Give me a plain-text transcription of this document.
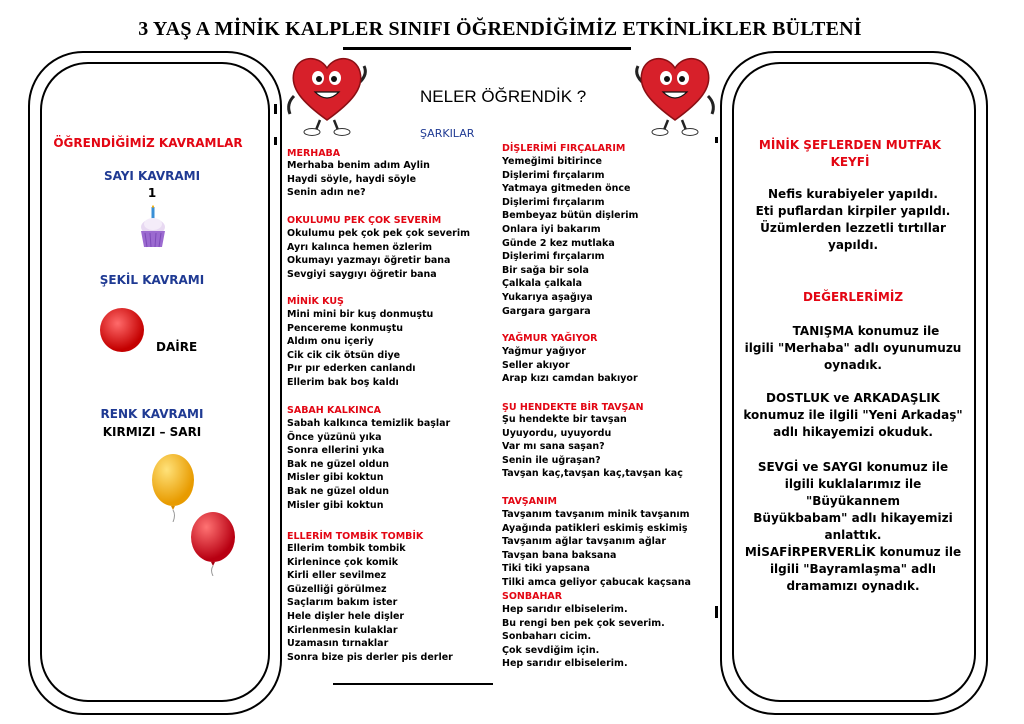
3 YAŞ A MİNİK KALPLER SINIFI ÖĞRENDİĞİMİZ ETKİNLİKLER BÜLTENİ
ÖĞRENDİĞİMİZ KAVRAMLAR
SAYI KAVRAMI
1
ŞEKİL KAVRAMI
DAİRE
RENK KAVRAMI
KIRMIZI – SARI
NELER ÖĞRENDİK ?
ŞARKILAR
MERHABA
Merhaba benim adım Aylin
Haydi söyle, haydi söyle
Senin adın ne?
OKULUMU PEK ÇOK SEVERİM
Okulumu pek çok pek çok severim
Ayrı kalınca hemen özlerim
Okumayı yazmayı öğretir bana
Sevgiyi saygıyı öğretir bana
MİNİK KUŞ
Mini mini bir kuş donmuştu
Pencereme konmuştu
Aldım onu içeriy
Cik cik cik ötsün diye
Pır pır ederken canlandı
Ellerim bak boş kaldı
SABAH KALKINCA
Sabah kalkınca temizlik başlar
Önce yüzünü yıka
Sonra ellerini yıka
Bak ne güzel oldun
Misler gibi koktun
Bak ne güzel oldun
Misler gibi koktun
ELLERİM TOMBİK TOMBİK
Ellerim tombik tombik
Kirlenince çok komik
Kirli eller sevilmez
Güzelliği görülmez
Saçlarım bakım ister
Hele dişler hele dişler
Kirlenmesin kulaklar
Uzamasın tırnaklar
Sonra bize pis derler pis derler
DİŞLERİMİ FIRÇALARIM
Yemeğimi bitirince
Dişlerimi fırçalarım
Yatmaya gitmeden önce
Dişlerimi fırçalarım
Bembeyaz bütün dişlerim
Onlara iyi bakarım
Günde 2 kez mutlaka
Dişlerimi fırçalarım
Bir sağa bir sola
Çalkala çalkala
Yukarıya aşağıya
Gargara gargara
YAĞMUR YAĞIYOR
Yağmur yağıyor
Seller akıyor
Arap kızı camdan bakıyor
ŞU HENDEKTE BİR TAVŞAN
Şu hendekte bir tavşan
Uyuyordu, uyuyordu
Var mı sana saşan?
Senin ile uğraşan?
Tavşan kaç,tavşan kaç,tavşan kaç
TAVŞANIM
Tavşanım tavşanım minik tavşanım
Ayağında patikleri eskimiş eskimiş
Tavşanım ağlar tavşanım ağlar
Tavşan bana baksana
Tiki tiki yapsana
Tilki amca geliyor çabucak kaçsana
SONBAHAR
Hep sarıdır elbiselerim.
Bu rengi ben pek çok severim.
Sonbaharı cicim.
Çok sevdiğim için.
Hep sarıdır elbiselerim.
MİNİK ŞEFLERDEN MUTFAK KEYFİ
Nefis kurabiyeler yapıldı.
Eti puflardan kirpiler yapıldı.
Üzümlerden lezzetli tırtıllar
yapıldı.
DEĞERLERİMİZ
TANIŞMA konumuz ile
ilgili "Merhaba" adlı oyunumuzu
oynadık.
DOSTLUK ve ARKADAŞLIK
konumuz ile ilgili "Yeni Arkadaş"
adlı hikayemizi okuduk.
SEVGİ ve SAYGI konumuz ile
ilgili kuklalarımız ile "Büyükannem
Büyükbabam" adlı hikayemizi
anlattık.
MİSAFİRPERVERLİK konumuz ile
ilgili "Bayramlaşma" adlı
dramamızı oynadık.
